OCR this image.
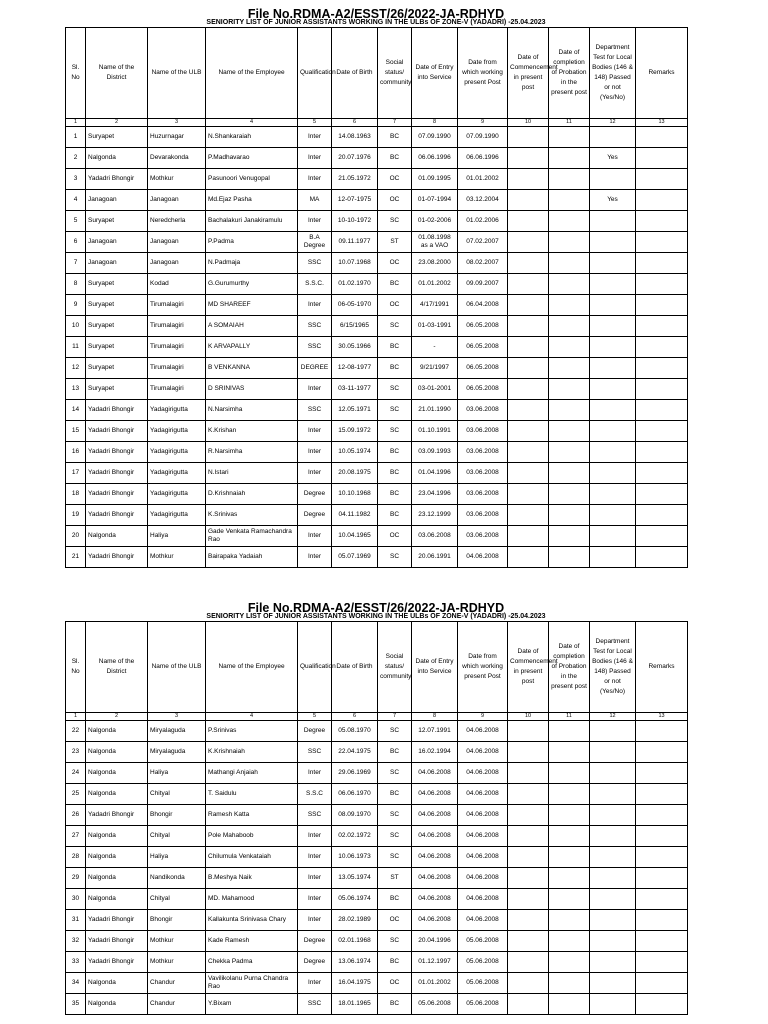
File No.RDMA-A2/ESST/26/2022-JA-RDHYD
SENIORITY LIST OF JUNIOR ASSISTANTS WORKING IN THE ULBs OF ZONE-V (YADADRI) -25.04.2023
Sl. No	Name of the District	Name of the ULB	Name of the Employee	Qualification	Date of Birth	Social status/ community	Date of Entry into Service	Date from which working present Post	Date of Commencement in present post	Date of completion of Probation in the present post	Department Test for Local Bodies (146 & 148) Passed or not (Yes/No)	Remarks
1	2	3	4	5	6	7	8	9	10	11	12	13
1	Suryapet	Huzurnagar	N.Shankaraiah	Inter	14.08.1963	BC	07.09.1990	07.09.1990				
2	Nalgonda	Devarakonda	P.Madhavarao	Inter	20.07.1976	BC	06.06.1996	06.06.1996			Yes	
3	Yadadri Bhongir	Mothkur	Pasunoori Venugopal	Inter	21.05.1972	OC	01.09.1995	01.01.2002				
4	Janagoan	Janagoan	Md.Ejaz Pasha	MA	12-07-1975	OC	01-07-1994	03.12.2004			Yes	
5	Suryapet	Neredcherla	Bachalakuri Janakiramulu	Inter	10-10-1972	SC	01-02-2006	01.02.2006				
6	Janagoan	Janagoan	P.Padma	B.A Degree	09.11.1977	ST	01.08.1998 as a VAO	07.02.2007				
7	Janagoan	Janagoan	N.Padmaja	SSC	10.07.1968	OC	23.08.2000	08.02.2007				
8	Suryapet	Kodad	G.Gurumurthy	S.S.C.	01.02.1970	BC	01.01.2002	09.09.2007				
9	Suryapet	Tirumalagiri	MD SHAREEF	Inter	06-05-1970	OC	4/17/1991	06.04.2008				
10	Suryapet	Tirumalagiri	A SOMAIAH	SSC	6/15/1965	SC	01-03-1991	06.05.2008				
11	Suryapet	Tirumalagiri	K ARVAPALLY	SSC	30.05.1966	BC	-	06.05.2008				
12	Suryapet	Tirumalagiri	B VENKANNA	DEGREE	12-08-1977	BC	9/21/1997	06.05.2008				
13	Suryapet	Tirumalagiri	D SRINIVAS	Inter	03-11-1977	SC	03-01-2001	06.05.2008				
14	Yadadri Bhongir	Yadagirigutta	N.Narsimha	SSC	12.05.1971	SC	21.01.1990	03.06.2008				
15	Yadadri Bhongir	Yadagirigutta	K.Krishan	Inter	15.09.1972	SC	01.10.1991	03.06.2008				
16	Yadadri Bhongir	Yadagirigutta	R.Narsimha	Inter	10.05.1974	BC	03.09.1993	03.06.2008				
17	Yadadri Bhongir	Yadagirigutta	N.Istari	Inter	20.08.1975	BC	01.04.1996	03.06.2008				
18	Yadadri Bhongir	Yadagirigutta	D.Krishnaiah	Degree	10.10.1968	BC	23.04.1996	03.06.2008				
19	Yadadri Bhongir	Yadagirigutta	K.Srinivas	Degree	04.11.1982	BC	23.12.1999	03.06.2008				
20	Nalgonda	Haliya	Gade Venkata Ramachandra Rao	Inter	10.04.1965	OC	03.06.2008	03.06.2008				
21	Yadadri Bhongir	Mothkur	Bairapaka Yadaiah	Inter	05.07.1969	SC	20.06.1991	04.06.2008				
File No.RDMA-A2/ESST/26/2022-JA-RDHYD
SENIORITY LIST OF JUNIOR ASSISTANTS WORKING IN THE ULBs OF ZONE-V (YADADRI) -25.04.2023
Sl. No	Name of the District	Name of the ULB	Name of the Employee	Qualification	Date of Birth	Social status/ community	Date of Entry into Service	Date from which working present Post	Date of Commencement in present post	Date of completion of Probation in the present post	Department Test for Local Bodies (146 & 148) Passed or not (Yes/No)	Remarks
1	2	3	4	5	6	7	8	9	10	11	12	13
22	Nalgonda	Miryalaguda	P.Srinivas	Degree	05.08.1970	SC	12.07.1991	04.06.2008				
23	Nalgonda	Miryalaguda	K.Krishnaiah	SSC	22.04.1975	BC	16.02.1994	04.06.2008				
24	Nalgonda	Haliya	Mathangi Anjaiah	Inter	29.06.1969	SC	04.06.2008	04.06.2008				
25	Nalgonda	Chityal	T. Saidulu	S.S.C	06.06.1970	BC	04.06.2008	04.06.2008				
26	Yadadri Bhongir	Bhongir	Ramesh Katta	SSC	08.09.1970	SC	04.06.2008	04.06.2008				
27	Nalgonda	Chityal	Pole Mahaboob	Inter	02.02.1972	SC	04.06.2008	04.06.2008				
28	Nalgonda	Haliya	Chilumula Venkataiah	Inter	10.06.1973	SC	04.06.2008	04.06.2008				
29	Nalgonda	Nandikonda	B.Meshya Naik	Inter	13.05.1974	ST	04.06.2008	04.06.2008				
30	Nalgonda	Chityal	MD. Mahamood	Inter	05.06.1974	BC	04.06.2008	04.06.2008				
31	Yadadri Bhongir	Bhongir	Kallakunta Srinivasa Chary	Inter	28.02.1989	OC	04.06.2008	04.06.2008				
32	Yadadri Bhongir	Mothkur	Kade Ramesh	Degree	02.01.1968	SC	20.04.1996	05.06.2008				
33	Yadadri Bhongir	Mothkur	Chekka Padma	Degree	13.06.1974	BC	01.12.1997	05.06.2008				
34	Nalgonda	Chandur	Vavilikolanu Purna Chandra Rao	Inter	16.04.1975	OC	01.01.2002	05.06.2008				
35	Nalgonda	Chandur	Y.Bixam	SSC	18.01.1965	BC	05.06.2008	05.06.2008				
